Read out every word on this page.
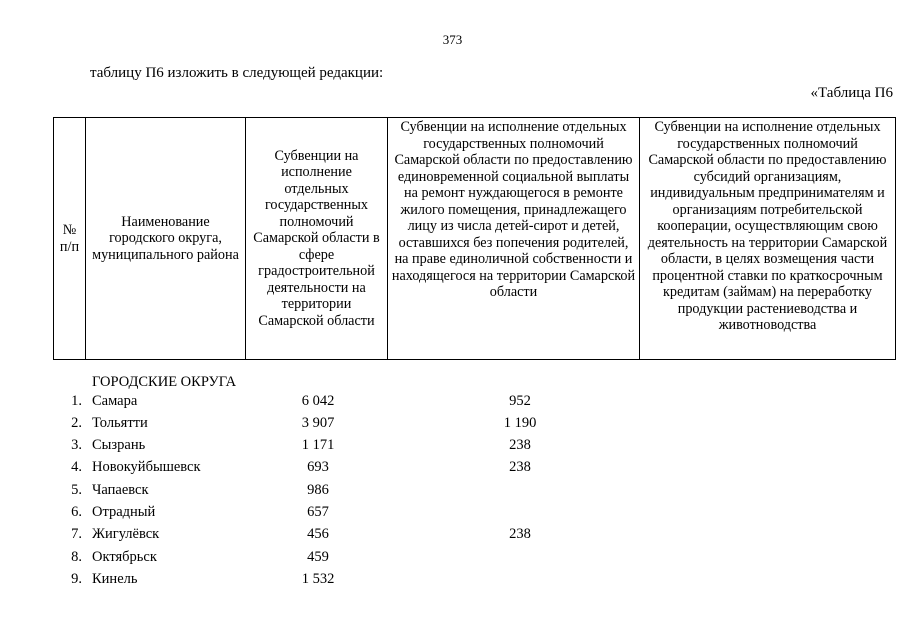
373
таблицу П6 изложить в следующей редакции:
«Таблица П6
№ п/п	Наименование городского округа, муниципального района	Субвенции на исполнение отдельных государственных полномочий Самарской области в сфере градостроительной деятельности на территории Самарской области	Субвенции на исполнение отдельных государственных полномочий Самарской области по предоставлению единовременной социальной выплаты на ремонт нуждающегося в ремонте жилого помещения, принадлежащего лицу из числа детей-сирот и детей, оставшихся без попечения родителей, на праве единоличной собственности и находящегося на территории Самарской области	Субвенции на исполнение отдельных государственных полномочий Самарской области по предоставлению субсидий организациям, индивидуальным предпринимателям и организациям потребительской кооперации, осуществляющим свою деятельность на территории Самарской области, в целях возмещения части процентной ставки по краткосрочным кредитам (займам) на переработку продукции растениеводства и животноводства
ГОРОДСКИЕ ОКРУГА
1. Самара	6 042	952
2. Тольятти	3 907	1 190
3. Сызрань	1 171	238
4. Новокуйбышевск	693	238
5. Чапаевск	986
6. Отрадный	657
7. Жигулёвск	456	238
8. Октябрьск	459
9. Кинель	1 532
